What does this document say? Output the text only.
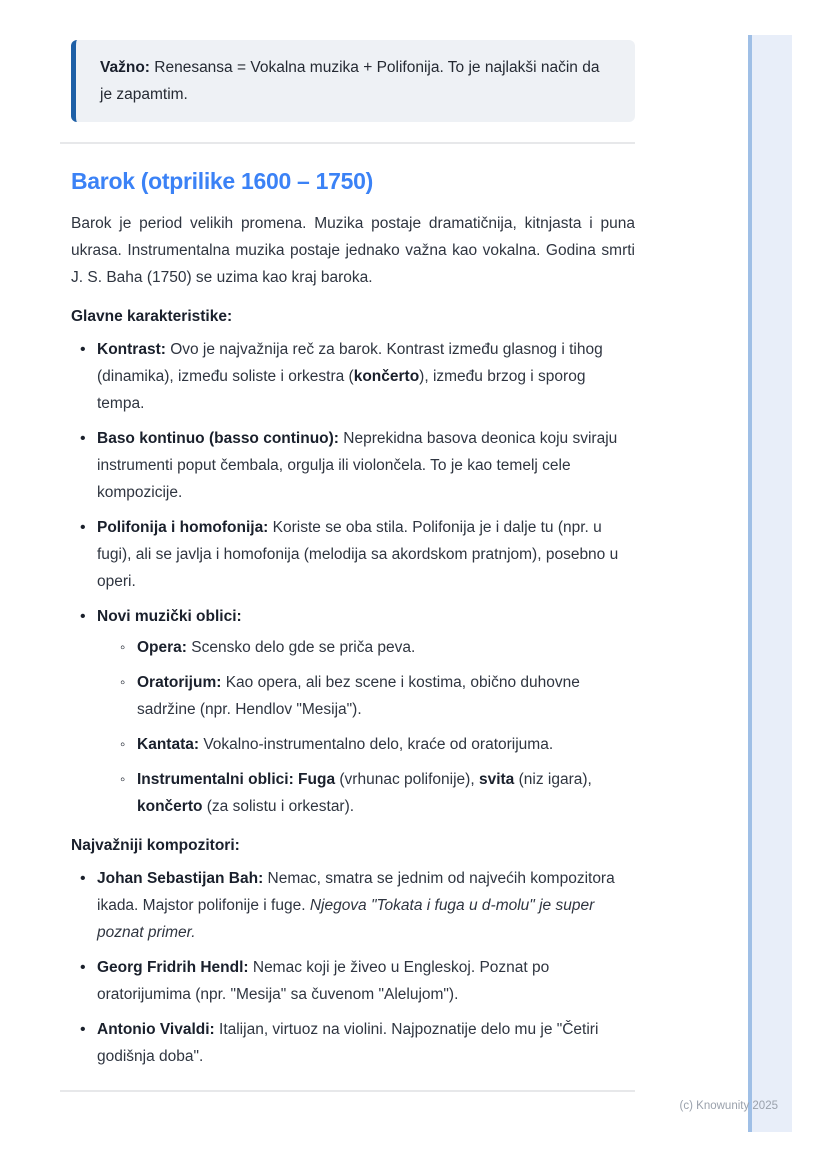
Važno: Renesansa = Vokalna muzika + Polifonija. To je najlakši način da je zapamtim.
Barok (otprilike 1600 – 1750)

Barok je period velikih promena. Muzika postaje dramatičnija, kitnjasta i puna ukrasa. Instrumentalna muzika postaje jednako važna kao vokalna. Godina smrti J. S. Baha (1750) se uzima kao kraj baroka.

Glavne karakteristike:

• Kontrast: Ovo je najvažnija reč za barok. Kontrast između glasnog i tihog (dinamika), između soliste i orkestra (končerto), između brzog i sporog tempa.
• Baso kontinuo (basso continuo): Neprekidna basova deonica koju sviraju instrumenti poput čembala, orgulja ili violončela. To je kao temelj cele kompozicije.
• Polifonija i homofonija: Koriste se oba stila. Polifonija je i dalje tu (npr. u fugi), ali se javlja i homofonija (melodija sa akordskom pratnjom), posebno u operi.
• Novi muzički oblici:
◦ Opera: Scensko delo gde se priča peva.
◦ Oratorijum: Kao opera, ali bez scene i kostima, obično duhovne sadržine (npr. Hendlov "Mesija").
◦ Kantata: Vokalno-instrumentalno delo, kraće od oratorijuma.
◦ Instrumentalni oblici: Fuga (vrhunac polifonije), svita (niz igara), končerto (za solistu i orkestar).

Najvažniji kompozitori:

• Johan Sebastijan Bah: Nemac, smatra se jednim od najvećih kompozitora ikada. Majstor polifonije i fuge. Njegova "Tokata i fuga u d-molu" je super poznat primer.
• Georg Fridrih Hendl: Nemac koji je živeo u Engleskoj. Poznat po oratorijumima (npr. "Mesija" sa čuvenom "Alelujom").
• Antonio Vivaldi: Italijan, virtuoz na violini. Najpoznatije delo mu je "Četiri godišnja doba".
(c) Knowunity 2025
